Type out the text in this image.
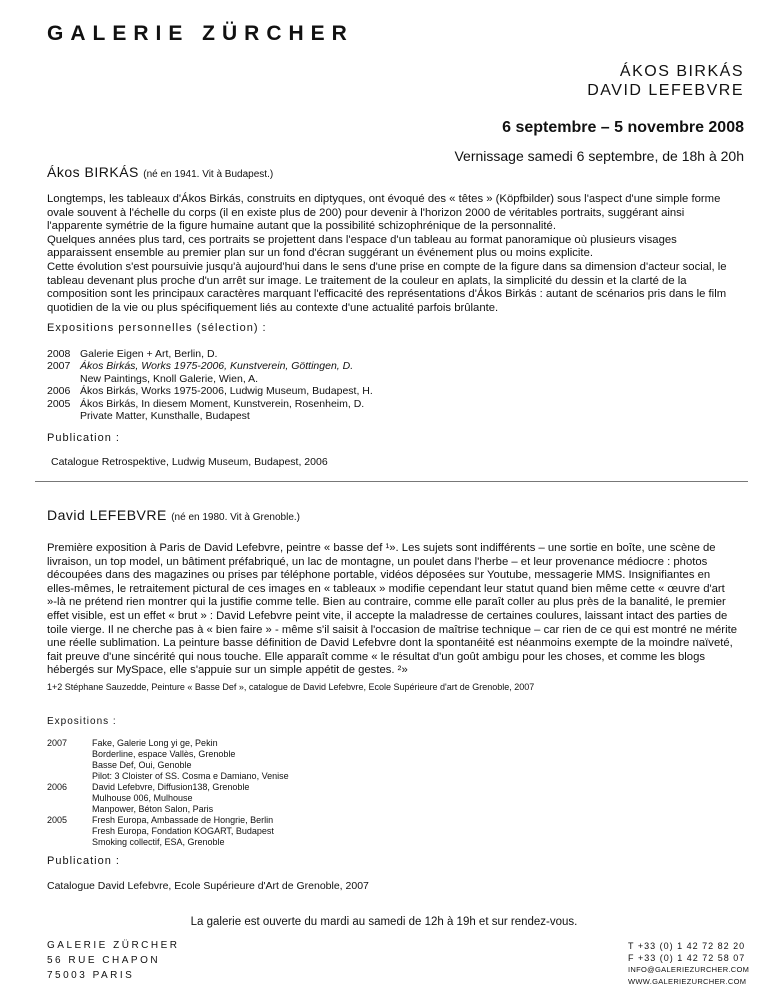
GALERIE ZÜRCHER
ÁKOS BIRKÁS
DAVID LEFEBVRE
6 septembre – 5 novembre 2008
Vernissage samedi 6 septembre, de 18h à 20h
Ákos BIRKÁS (né en 1941. Vit à Budapest.)

Longtemps, les tableaux d'Ákos Birkás, construits en diptyques, ont évoqué des « têtes » (Köpfbilder) sous l'aspect d'une simple forme ovale souvent à l'échelle du corps (il en existe plus de 200) pour devenir à l'horizon 2000 de véritables portraits, suggérant ainsi l'apparente symétrie de la figure humaine autant que la possibilité schizophrénique de la personnalité.

Quelques années plus tard, ces portraits se projettent dans l'espace d'un tableau au format panoramique où plusieurs visages apparaissent ensemble au premier plan sur un fond d'écran suggérant un événement plus ou moins explicite.

Cette évolution s'est poursuivie jusqu'à aujourd'hui dans le sens d'une prise en compte de la figure dans sa dimension d'acteur social, le tableau devenant plus proche d'un arrêt sur image. Le traitement de la couleur en aplats, la simplicité du dessin et la clarté de la composition sont les principaux caractères marquant l'efficacité des représentations d'Ákos Birkás : autant de scénarios pris dans le film quotidien de la vie ou plus spécifiquement liés au contexte d'une actualité parfois brûlante.

Expositions personnelles (sélection) :
2008 Galerie Eigen + Art, Berlin, D.
2007 Ákos Birkás, Works 1975-2006, Kunstverein, Göttingen, D.
New Paintings, Knoll Galerie, Wien, A.
2006 Ákos Birkás, Works 1975-2006, Ludwig Museum, Budapest, H.
2005 Ákos Birkás, In diesem Moment, Kunstverein, Rosenheim, D.
Private Matter, Kunsthalle, Budapest
Publication :
Catalogue Retrospektive, Ludwig Museum, Budapest, 2006
David LEFEBVRE (né en 1980. Vit à Grenoble.)

Première exposition à Paris de David Lefebvre, peintre « basse def ¹». Les sujets sont indifférents – une sortie en boîte, une scène de livraison, un top model, un bâtiment préfabriqué, un lac de montagne, un poulet dans l'herbe – et leur provenance médiocre : photos découpées dans des magazines ou prises par téléphone portable, vidéos déposées sur Youtube, messagerie MMS. Insignifiantes en elles-mêmes, le retraitement pictural de ces images en « tableaux » modifie cependant leur statut quand bien même cette « œuvre d'art »-là ne prétend rien montrer qui la justifie comme telle. Bien au contraire, comme elle paraît coller au plus près de la banalité, le premier effet visible, est un effet « brut » : David Lefebvre peint vite, il accepte la maladresse de certaines coulures, laissant intact des parties de toile vierge. Il ne cherche pas à « bien faire » - même s'il saisit à l'occasion de maîtrise technique – car rien de ce qui est montré ne mérite une réelle sublimation. La peinture basse définition de David Lefebvre dont la spontanéité est néanmoins exempte de la moindre naïveté, fait preuve d'une sincérité qui nous touche. Elle apparaît comme « le résultat d'un goût ambigu pour les choses, et comme les blogs hébergés sur MySpace, elle s'appuie sur un simple appétit de gestes. ²»

1+2 Stéphane Sauzedde, Peinture « Basse Def », catalogue de David Lefebvre, Ecole Supérieure d'art de Grenoble, 2007
Expositions :
2007	Fake, Galerie Long yi ge, Pekin
Borderline, espace Vallès, Grenoble
Basse Def, Oui, Genoble
Pilot: 3 Cloister of SS. Cosma e Damiano, Venise
2006	David Lefebvre, Diffusion138, Grenoble
Mulhouse 006, Mulhouse
Manpower, Béton Salon, Paris
2005	Fresh Europa, Ambassade de Hongrie, Berlin
Fresh Europa, Fondation KOGART, Budapest
Smoking collectif, ESA, Grenoble
Publication :
Catalogue David Lefebvre, Ecole Supérieure d'Art de Grenoble, 2007
La galerie est ouverte du mardi au samedi de 12h à 19h et sur rendez-vous.
GALERIE ZÜRCHER
56 RUE CHAPON
75003 PARIS
T +33 (0) 1 42 72 82 20
F +33 (0) 1 42 72 58 07
INFO@GALERIEZURCHER.COM
WWW.GALERIEZURCHER.COM
